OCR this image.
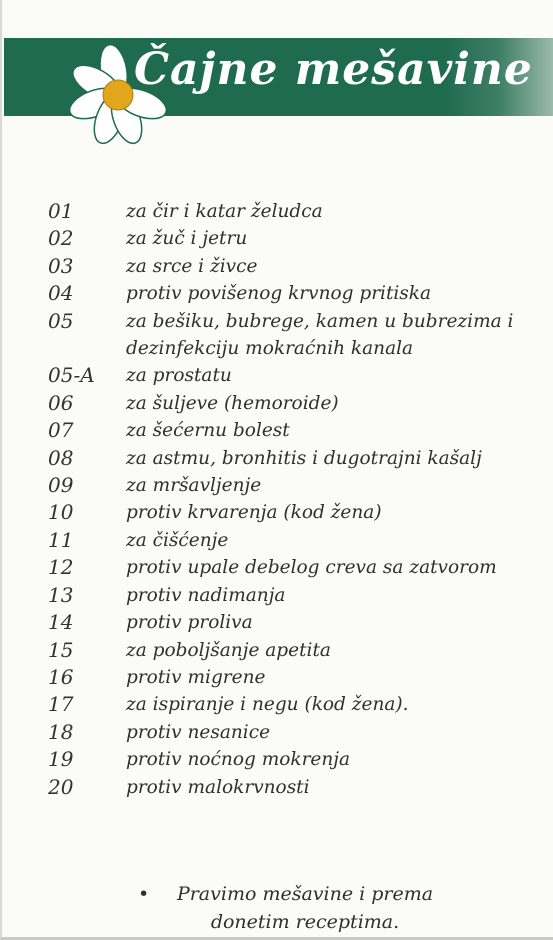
Čajne mešavine
01	za čir i katar želudca
02	za žuč i jetru
03	za srce i živce
04	protiv povišenog krvnog pritiska
05	za bešiku, bubrege, kamen u bubrezima i dezinfekciju mokraćnih kanala
05-A	za prostatu
06	za šuljeve (hemoroide)
07	za šećernu bolest
08	za astmu, bronhitis i dugotrajni kašalj
09	za mršavljenje
10	protiv krvarenja (kod žena)
11	za čišćenje
12	protiv upale debelog creva sa zatvorom
13	protiv nadimanja
14	protiv proliva
15	za poboljšanje apetita
16	protiv migrene
17	za ispiranje i negu (kod žena).
18	protiv nesanice
19	protiv noćnog mokrenja
20	protiv malokrvnosti
• Pravimo mešavine i prema donetim receptima.
